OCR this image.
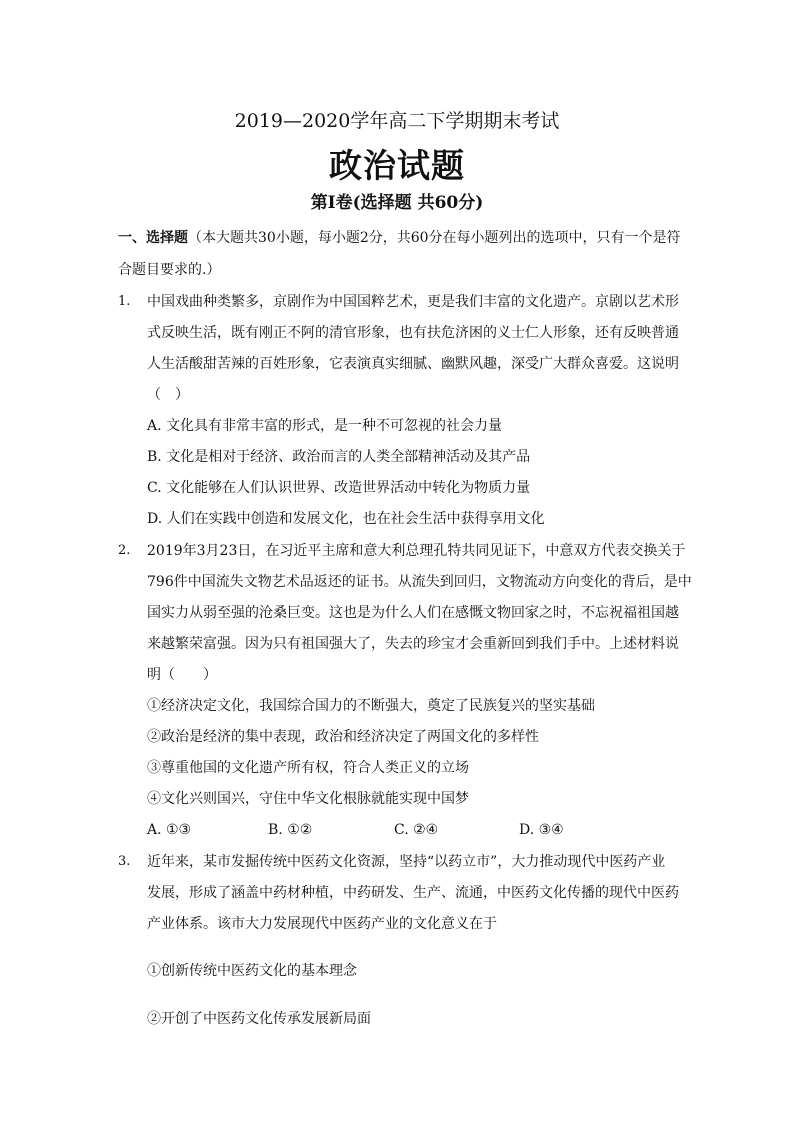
2019—2020学年高二下学期期末考试
政治试题
第Ⅰ卷(选择题 共60分)
一、选择题（本大题共30小题，每小题2分，共60分在每小题列出的选项中，只有一个是符
合题目要求的.）
1. 中国戏曲种类繁多，京剧作为中国国粹艺术，更是我们丰富的文化遗产。京剧以艺术形
式反映生活，既有刚正不阿的清官形象，也有扶危济困的义士仁人形象，还有反映普通
人生活酸甜苦辣的百姓形象，它表演真实细腻、幽默风趣，深受广大群众喜爱。这说明
（　）
A. 文化具有非常丰富的形式，是一种不可忽视的社会力量
B. 文化是相对于经济、政治而言的人类全部精神活动及其产品
C. 文化能够在人们认识世界、改造世界活动中转化为物质力量
D. 人们在实践中创造和发展文化，也在社会生活中获得享用文化
2. 2019年3月23日，在习近平主席和意大利总理孔特共同见证下，中意双方代表交换关于
796件中国流失文物艺术品返还的证书。从流失到回归，文物流动方向变化的背后，是中
国实力从弱至强的沧桑巨变。这也是为什么人们在感慨文物回家之时，不忘祝福祖国越
来越繁荣富强。因为只有祖国强大了，失去的珍宝才会重新回到我们手中。上述材料说
明（　　）
①经济决定文化，我国综合国力的不断强大，奠定了民族复兴的坚实基础
②政治是经济的集中表现，政治和经济决定了两国文化的多样性
③尊重他国的文化遗产所有权，符合人类正义的立场
④文化兴则国兴，守住中华文化根脉就能实现中国梦
A. ①③	B. ①②	C. ②④	D. ③④
3. 近年来，某市发掘传统中医药文化资源，坚持“以药立市”，大力推动现代中医药产业
发展，形成了涵盖中药材种植，中药研发、生产、流通，中医药文化传播的现代中医药
产业体系。该市大力发展现代中医药产业的文化意义在于
①创新传统中医药文化的基本理念
②开创了中医药文化传承发展新局面
